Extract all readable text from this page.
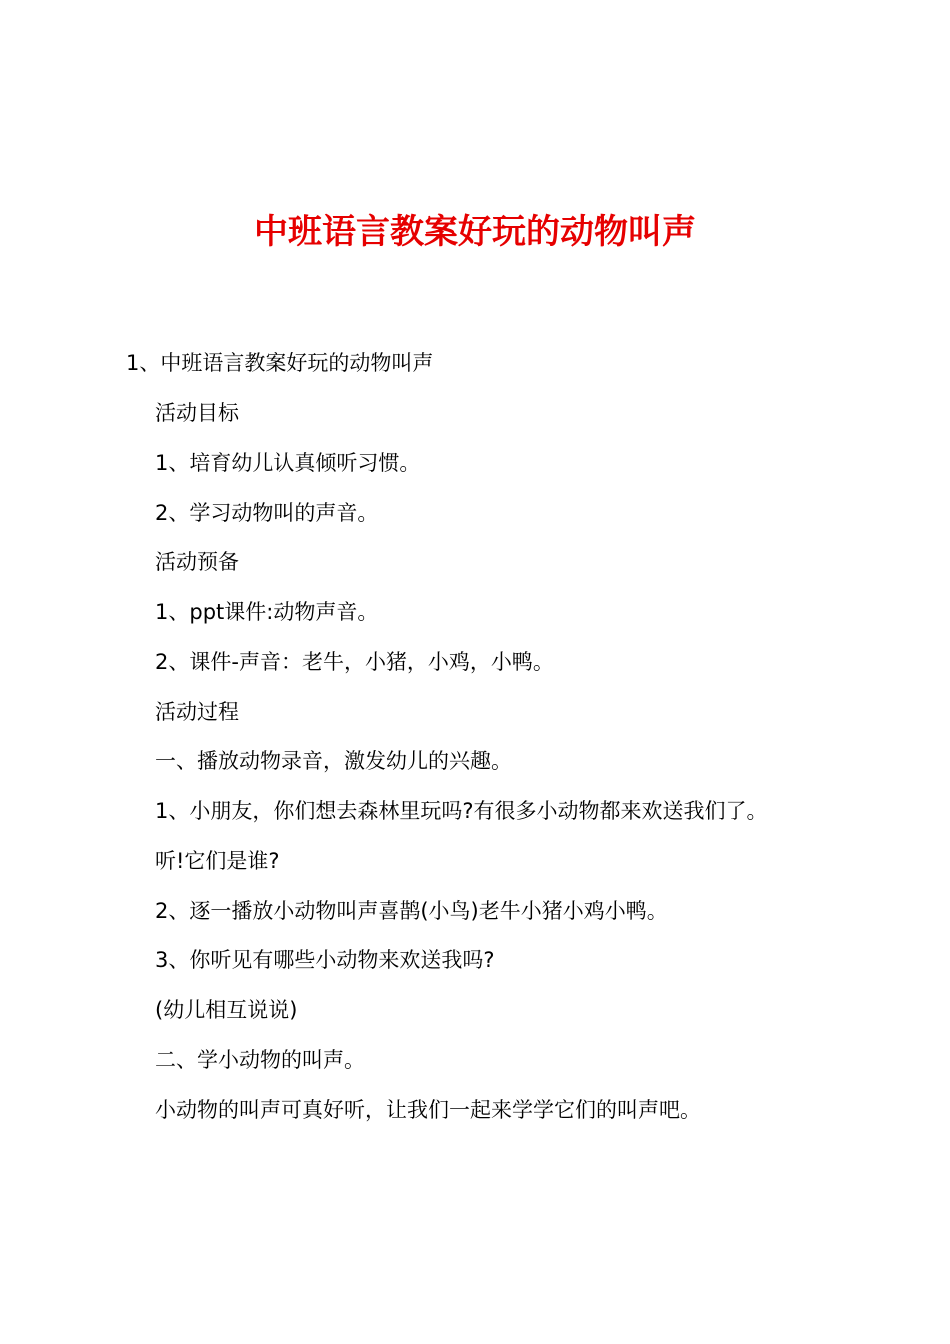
中班语言教案好玩的动物叫声

1、中班语言教案好玩的动物叫声

活动目标

1、培育幼儿认真倾听习惯。

2、学习动物叫的声音。

活动预备

1、ppt课件:动物声音。

2、课件-声音：老牛，小猪，小鸡，小鸭。

活动过程

一、播放动物录音，激发幼儿的兴趣。

1、小朋友，你们想去森林里玩吗?有很多小动物都来欢送我们了。

听!它们是谁?

2、逐一播放小动物叫声喜鹊(小鸟)老牛小猪小鸡小鸭。

3、你听见有哪些小动物来欢送我吗?

(幼儿相互说说)

二、学小动物的叫声。

小动物的叫声可真好听，让我们一起来学学它们的叫声吧。
